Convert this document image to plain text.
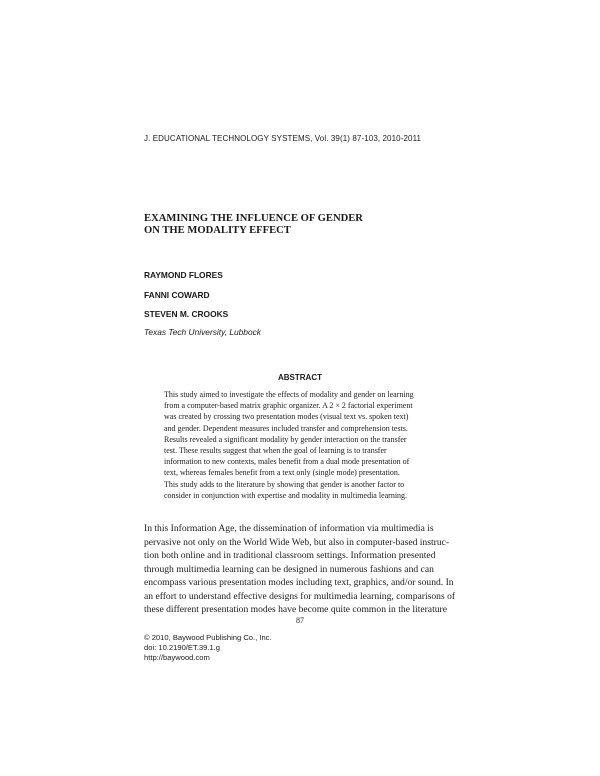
J. EDUCATIONAL TECHNOLOGY SYSTEMS, Vol. 39(1) 87-103, 2010-2011
EXAMINING THE INFLUENCE OF GENDER
ON THE MODALITY EFFECT
RAYMOND FLORES
FANNI COWARD
STEVEN M. CROOKS
Texas Tech University, Lubbock
ABSTRACT
This study aimed to investigate the effects of modality and gender on learning
from a computer-based matrix graphic organizer. A 2 × 2 factorial experiment
was created by crossing two presentation modes (visual text vs. spoken text)
and gender. Dependent measures included transfer and comprehension tests.
Results revealed a significant modality by gender interaction on the transfer
test. These results suggest that when the goal of learning is to transfer
information to new contexts, males benefit from a dual mode presentation of
text, whereas females benefit from a text only (single mode) presentation.
This study adds to the literature by showing that gender is another factor to
consider in conjunction with expertise and modality in multimedia learning.
In this Information Age, the dissemination of information via multimedia is
pervasive not only on the World Wide Web, but also in computer-based instruc-
tion both online and in traditional classroom settings. Information presented
through multimedia learning can be designed in numerous fashions and can
encompass various presentation modes including text, graphics, and/or sound. In
an effort to understand effective designs for multimedia learning, comparisons of
these different presentation modes have become quite common in the literature
87
© 2010, Baywood Publishing Co., Inc.
doi: 10.2190/ET.39.1.g
http://baywood.com
